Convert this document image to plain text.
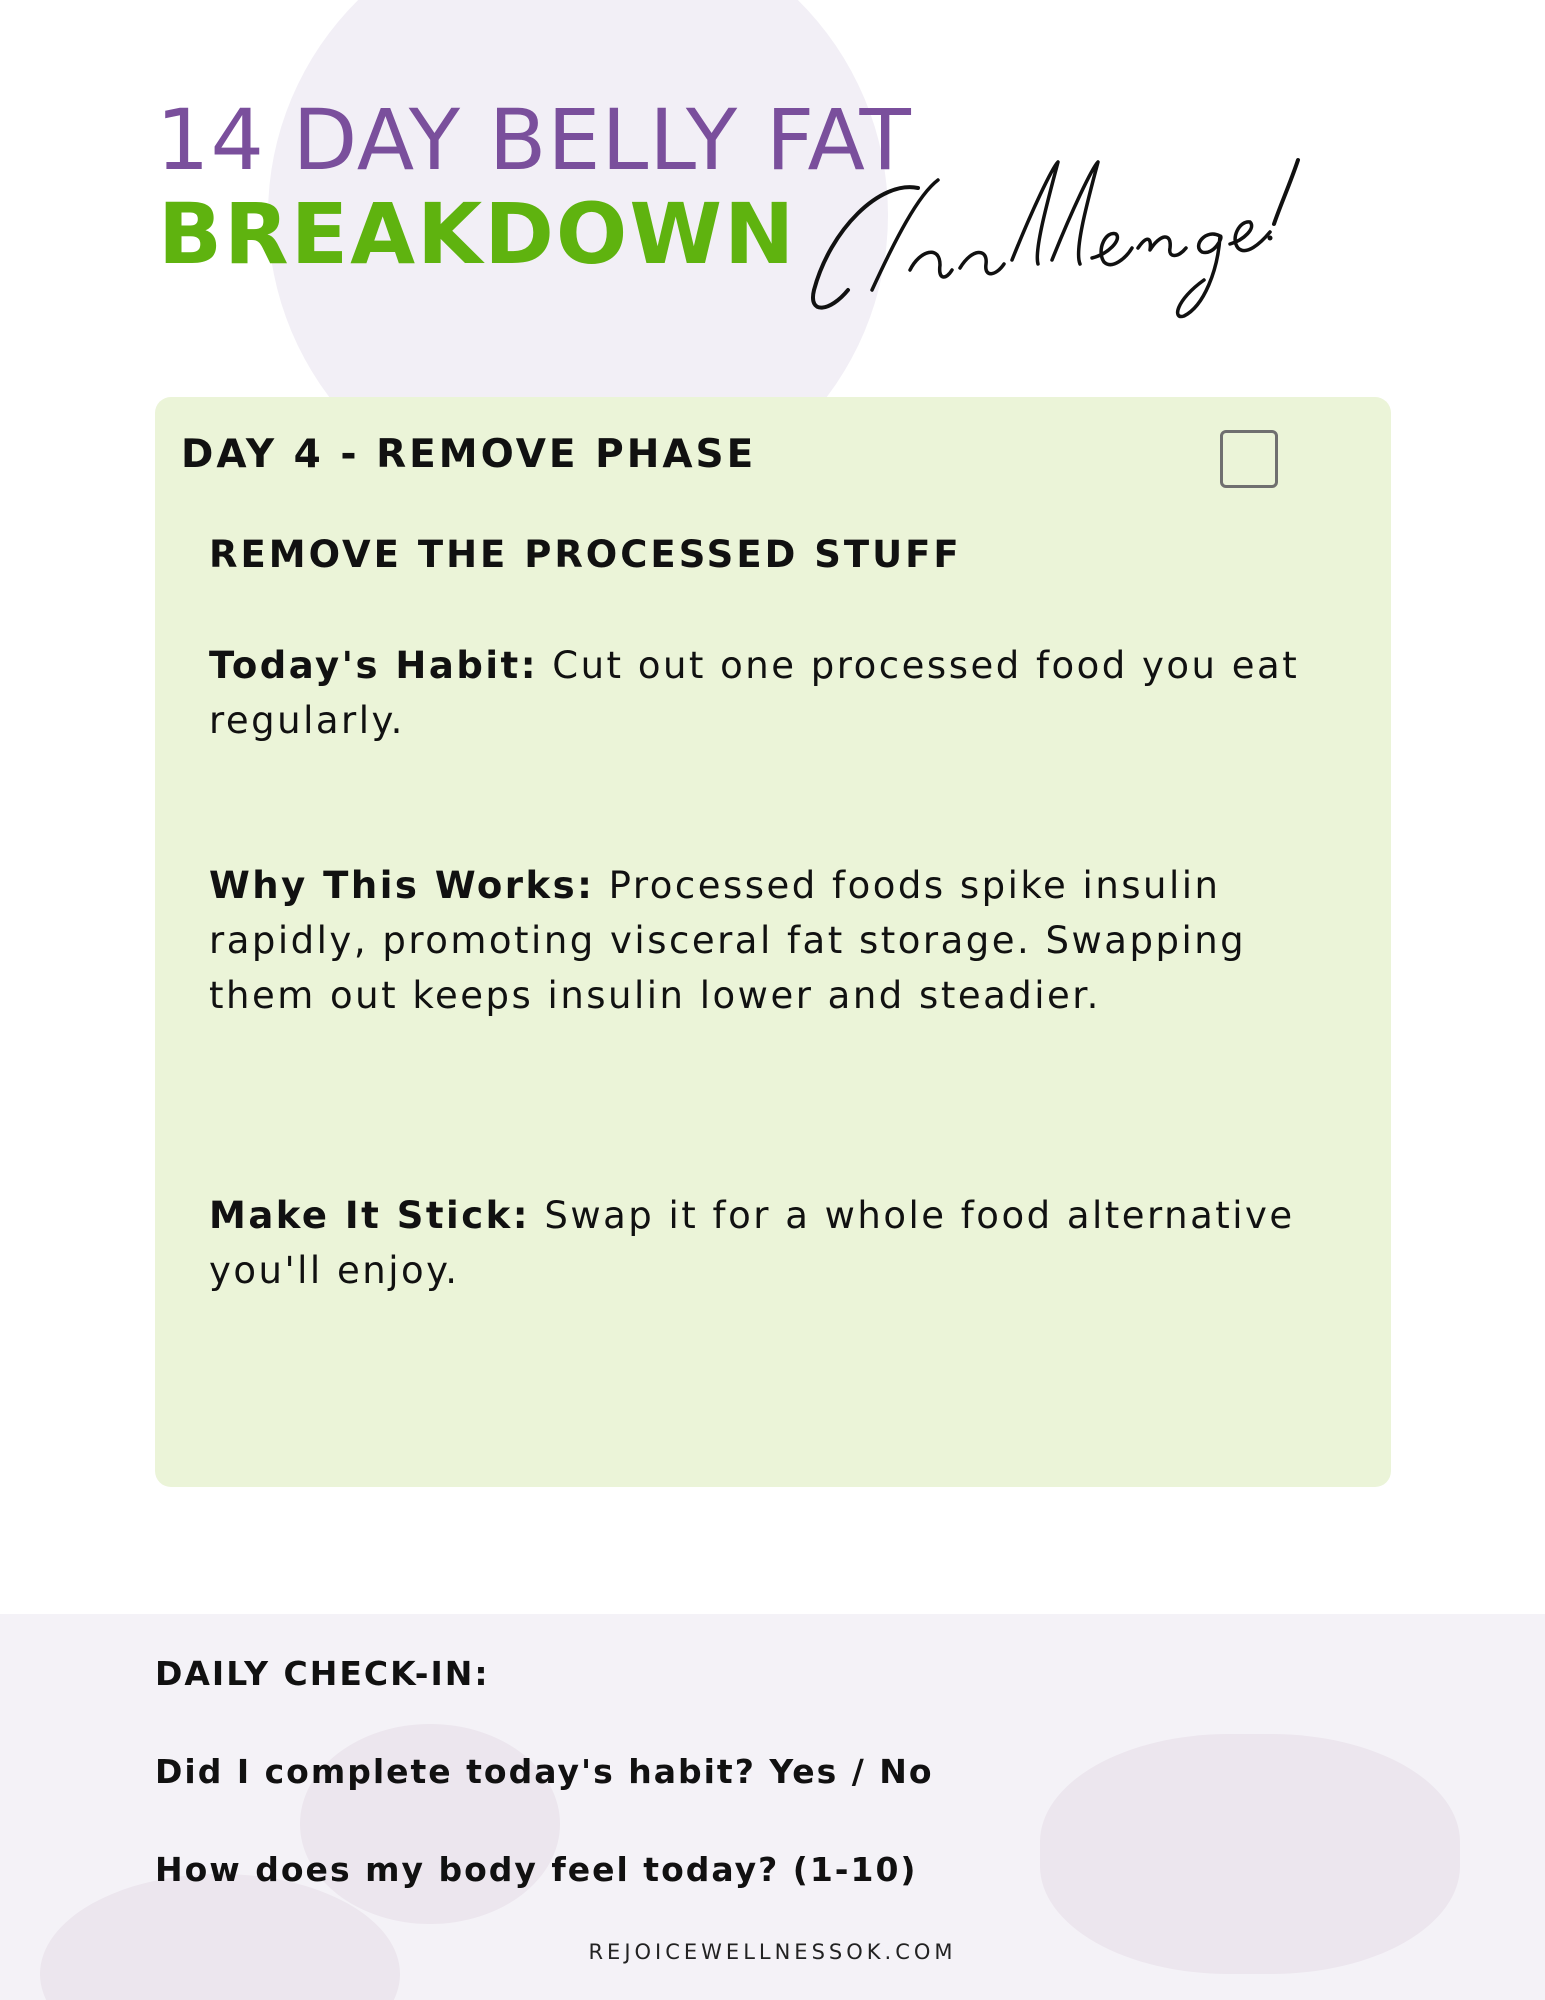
14 DAY BELLY FAT
BREAKDOWN
DAY 4 - REMOVE PHASE
REMOVE THE PROCESSED STUFF

Today's Habit: Cut out one processed food you eat regularly.

Why This Works: Processed foods spike insulin rapidly, promoting visceral fat storage. Swapping them out keeps insulin lower and steadier.

Make It Stick: Swap it for a whole food alternative you'll enjoy.

DAILY CHECK-IN:
Did I complete today's habit? Yes / No
How does my body feel today? (1-10)
REJOICEWELLNESSOK.COM
